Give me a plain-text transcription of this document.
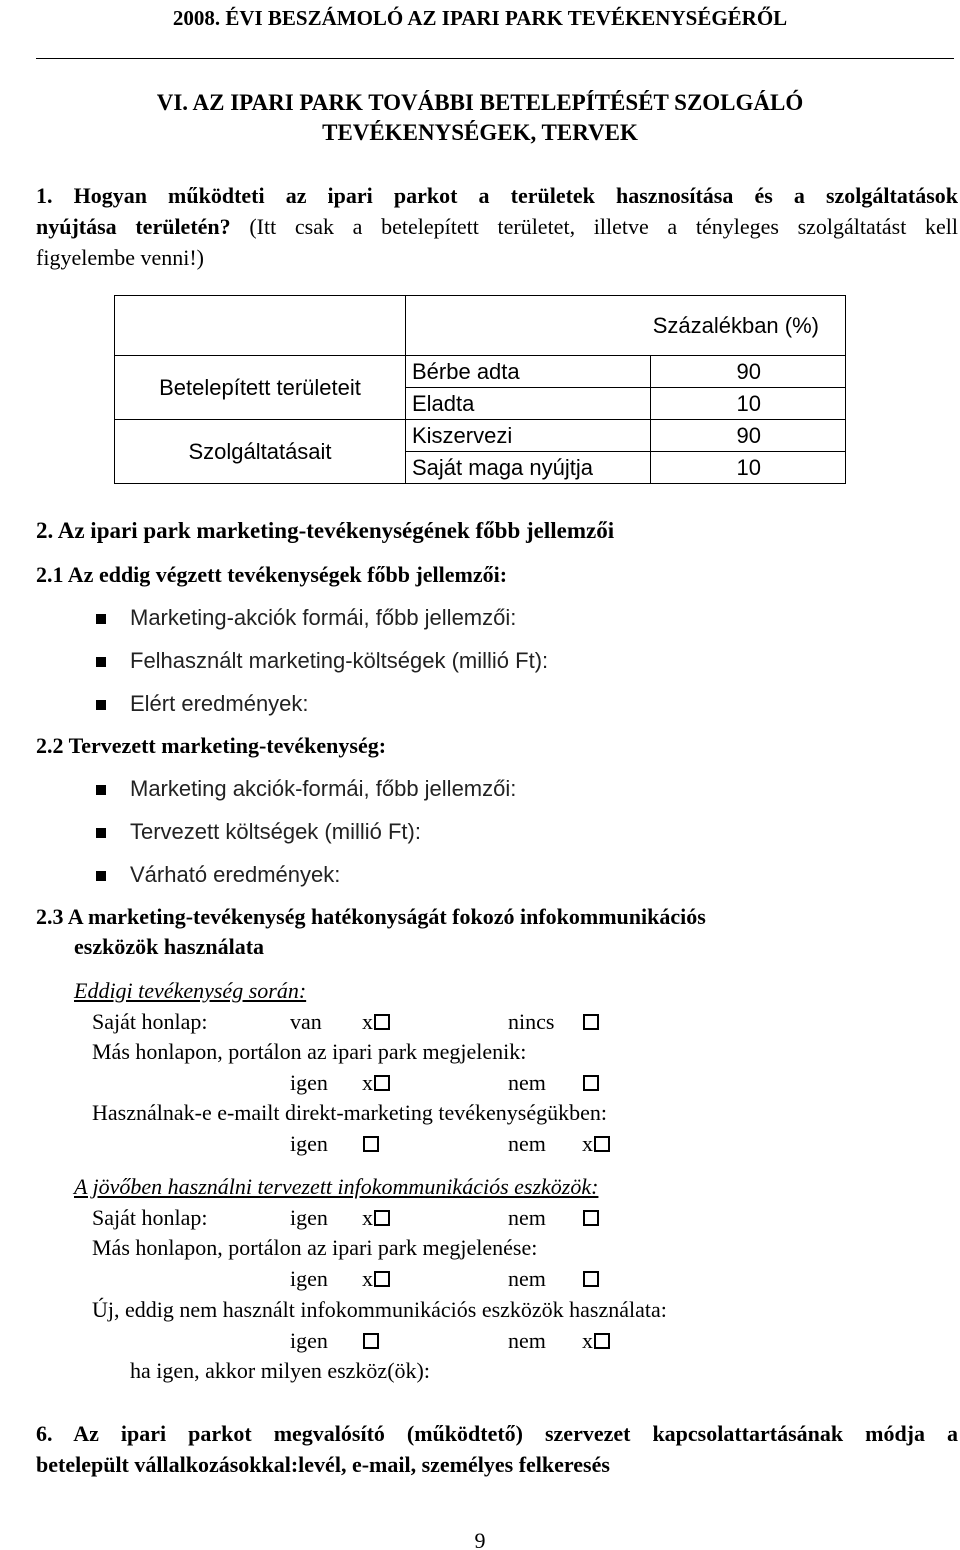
2008. ÉVI BESZÁMOLÓ AZ IPARI PARK TEVÉKENYSÉGÉRŐL
VI. AZ IPARI PARK TOVÁBBI BETELEPÍTÉSÉT SZOLGÁLÓ
TEVÉKENYSÉGEK, TERVEK
1. Hogyan működteti az ipari parkot a területek hasznosítása és a szolgáltatások
nyújtása területén? (Itt csak a betelepített területet, illetve a tényleges szolgáltatást kell
figyelembe venni!)
	Százalékban (%)	
Betelepített területeit	Bérbe adta	90
	Eladta	10
Szolgáltatásait	Kiszervezi	90
	Saját maga nyújtja	10
2. Az ipari park marketing-tevékenységének főbb jellemzői
2.1 Az eddig végzett tevékenységek főbb jellemzői:
Marketing-akciók formái, főbb jellemzői:
Felhasznált marketing-költségek (millió Ft):
Elért eredmények:
2.2 Tervezett marketing-tevékenység:
Marketing akciók-formái, főbb jellemzői:
Tervezett költségek (millió Ft):
Várható eredmények:
2.3 A marketing-tevékenység hatékonyságát fokozó infokommunikációs
eszközök használata
Eddigi tevékenység során:
Saját honlap:	van x	nincs
Más honlapon, portálon az ipari park megjelenik:
igen x	nem
Használnak-e e-mailt direkt-marketing tevékenységükben:
igen	nem x
A jövőben használni tervezett infokommunikációs eszközök:
Saját honlap:	igen x	nem
Más honlapon, portálon az ipari park megjelenése:
igen x	nem
Új, eddig nem használt infokommunikációs eszközök használata:
igen	nem x
ha igen, akkor milyen eszköz(ök):
6. Az ipari parkot megvalósító (működtető) szervezet kapcsolattartásának módja a
betelepült vállalkozásokkal:levél, e-mail, személyes felkeresés
9
